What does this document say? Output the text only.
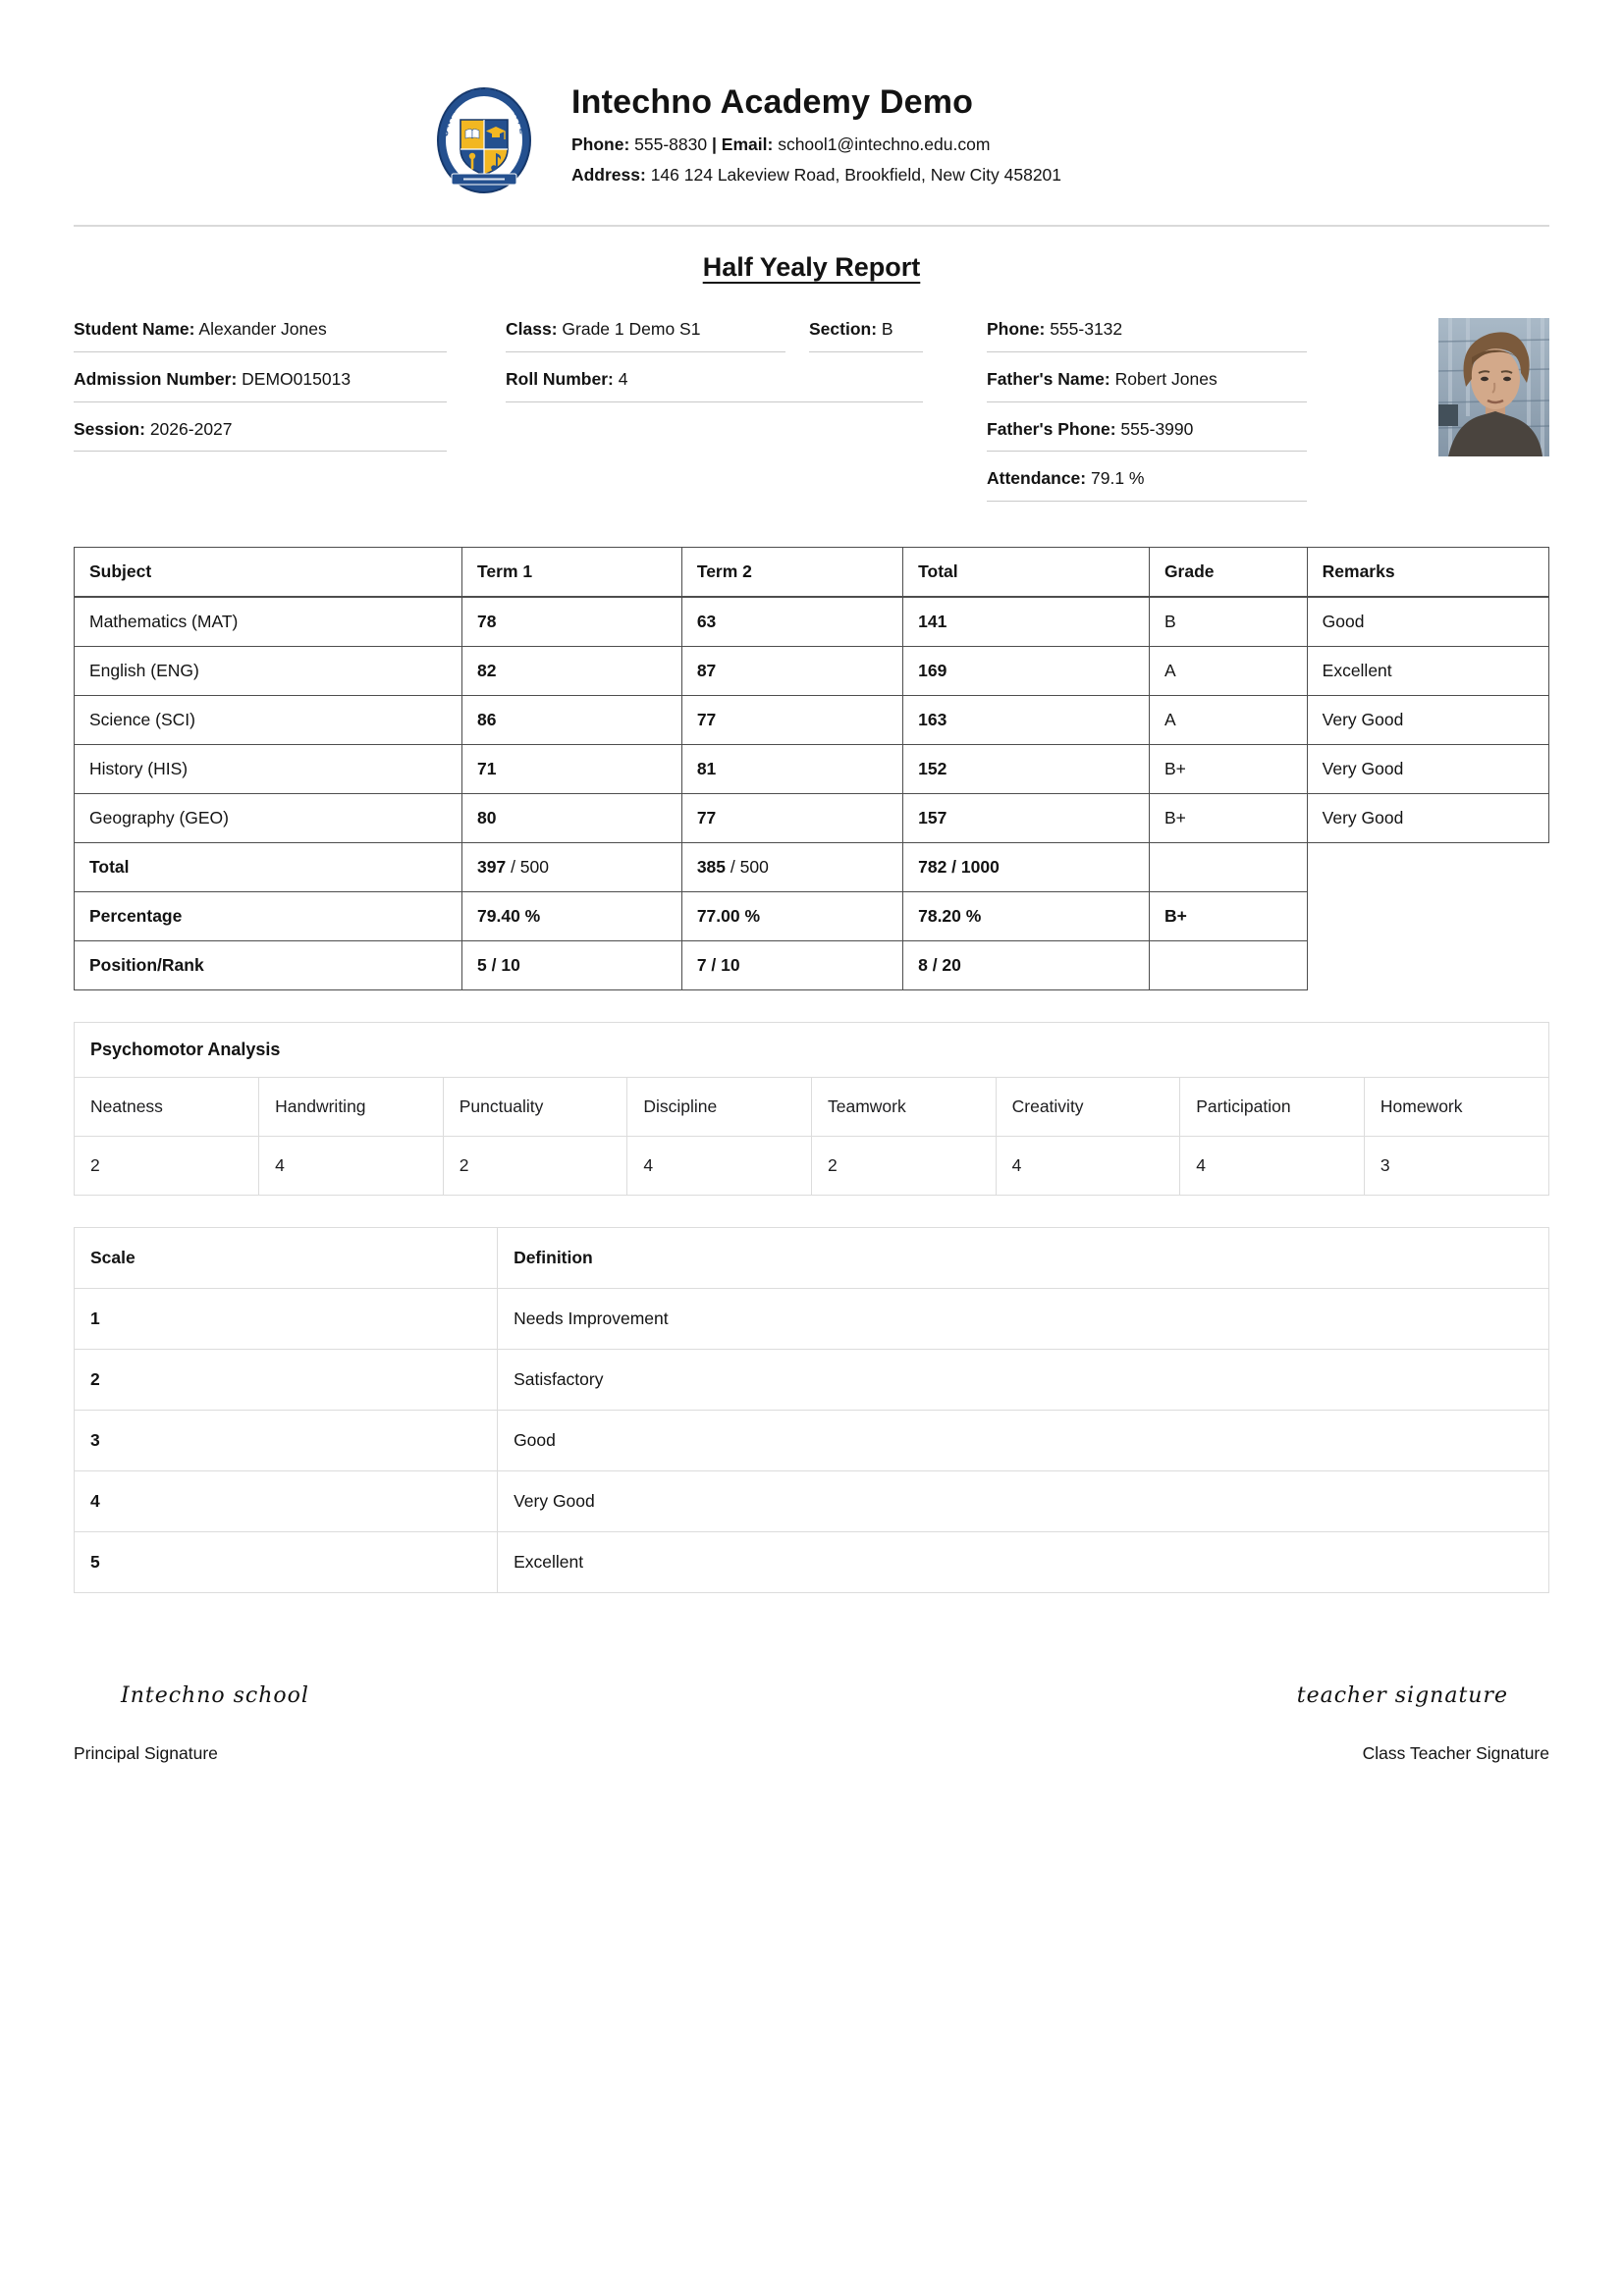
UNIVERSITY STATE
Intechno Academy Demo

Phone: 555-8830 | Email: school1@intechno.edu.com

Address: 146 124 Lakeview Road, Brookfield, New City 458201

Half Yealy Report
Student Name: Alexander Jones
Admission Number: DEMO015013
Session: 2026-2027
Class: Grade 1 Demo S1	Section: B
Roll Number: 4
Phone: 555-3132
Father's Name: Robert Jones
Father's Phone: 555-3990
Attendance: 79.1 %
Subject	Term 1	Term 2	Total	Grade	Remarks
Mathematics (MAT)	78	63	141	B	Good
English (ENG)	82	87	169	A	Excellent
Science (SCI)	86	77	163	A	Very Good
History (HIS)	71	81	152	B+	Very Good
Geography (GEO)	80	77	157	B+	Very Good
Total	397 / 500	385 / 500	782 / 1000		
Percentage	79.40 %	77.00 %	78.20 %	B+	
Position/Rank	5 / 10	7 / 10	8 / 20		
Psychomotor Analysis
Neatness	Handwriting	Punctuality	Discipline	Teamwork	Creativity	Participation	Homework
2	4	2	4	2	4	4	3
Scale	Definition
1	Needs Improvement
2	Satisfactory
3	Good
4	Very Good
5	Excellent
Intechno school
Principal Signature
teacher signature
Class Teacher Signature
